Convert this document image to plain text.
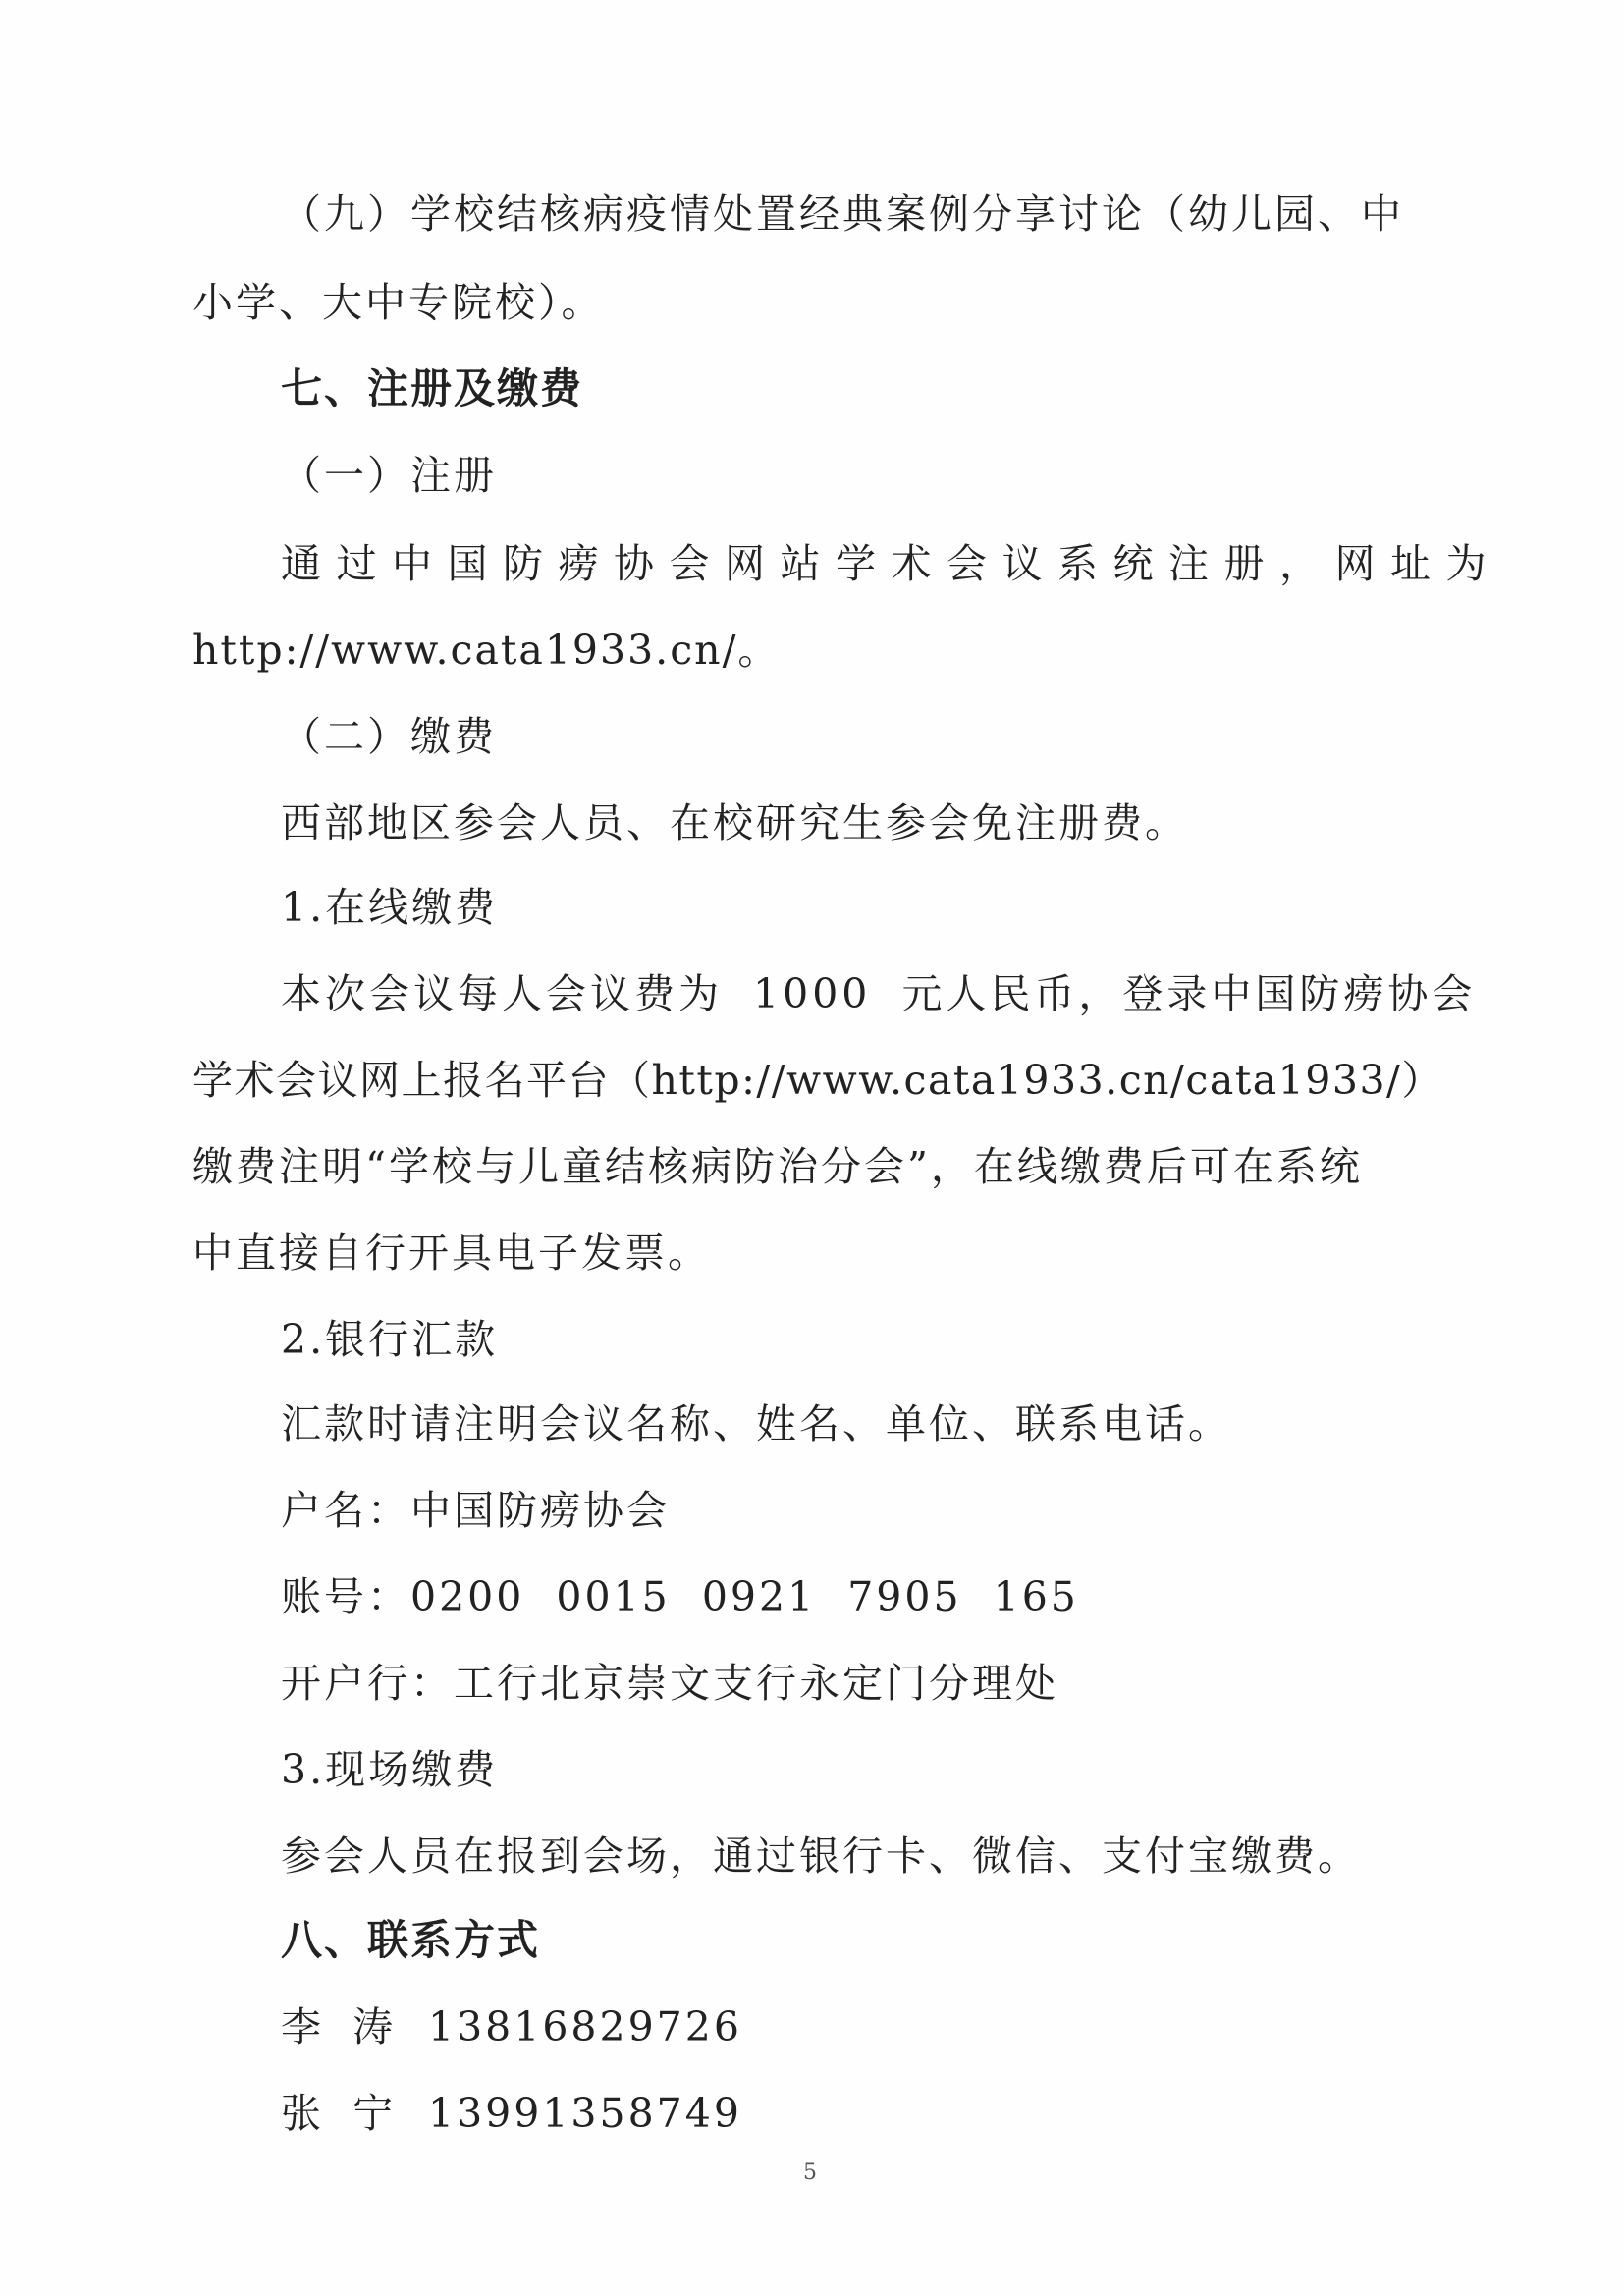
（九）学校结核病疫情处置经典案例分享讨论（幼儿园、中
小学、大中专院校）。
七、注册及缴费
（一）注册
通过中国防痨协会网站学术会议系统注册，网址为
http://www.cata1933.cn/。
（二）缴费
西部地区参会人员、在校研究生参会免注册费。
1.在线缴费
本次会议每人会议费为 1000 元人民币，登录中国防痨协会
学术会议网上报名平台（http://www.cata1933.cn/cata1933/）
缴费注明“学校与儿童结核病防治分会”，在线缴费后可在系统
中直接自行开具电子发票。
2.银行汇款
汇款时请注明会议名称、姓名、单位、联系电话。
户名：中国防痨协会
账号：0200  0015  0921  7905  165
开户行：工行北京崇文支行永定门分理处
3.现场缴费
参会人员在报到会场，通过银行卡、微信、支付宝缴费。
八、联系方式
李涛13816829726
张宁13991358749
5
